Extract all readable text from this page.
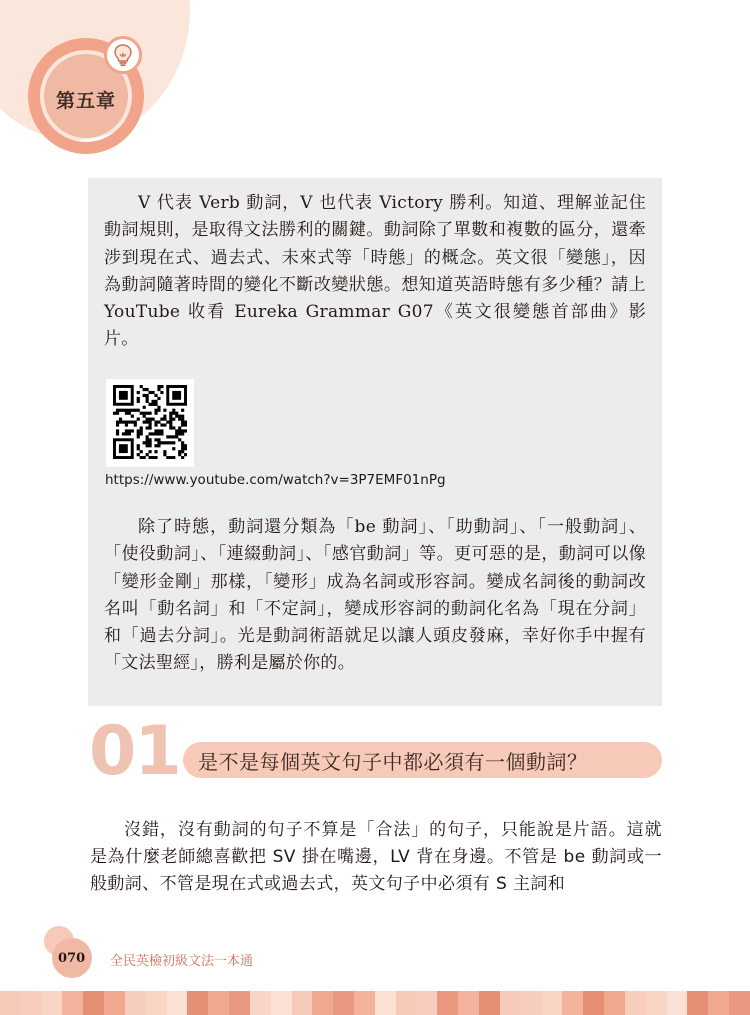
第五章

V 代表 Verb 動詞，V 也代表 Victory 勝利。知道、理解並記住動詞規則，是取得文法勝利的關鍵。動詞除了單數和複數的區分，還牽涉到現在式、過去式、未來式等「時態」的概念。英文很「變態」，因為動詞隨著時間的變化不斷改變狀態。想知道英語時態有多少種？請上 YouTube 收看 Eureka Grammar G07《英文很變態首部曲》影片。

https://www.youtube.com/watch?v=3P7EMF01nPg

除了時態，動詞還分類為「be 動詞」、「助動詞」、「一般動詞」、「使役動詞」、「連綴動詞」、「感官動詞」等。更可惡的是，動詞可以像「變形金剛」那樣，「變形」成為名詞或形容詞。變成名詞後的動詞改名叫「動名詞」和「不定詞」，變成形容詞的動詞化名為「現在分詞」和「過去分詞」。光是動詞術語就足以讓人頭皮發麻，幸好你手中握有「文法聖經」，勝利是屬於你的。

01 是不是每個英文句子中都必須有一個動詞？

沒錯，沒有動詞的句子不算是「合法」的句子，只能說是片語。這就是為什麼老師總喜歡把 SV 掛在嘴邊，LV 背在身邊。不管是 be 動詞或一般動詞、不管是現在式或過去式，英文句子中必須有 S 主詞和

070 全民英檢初級文法一本通
